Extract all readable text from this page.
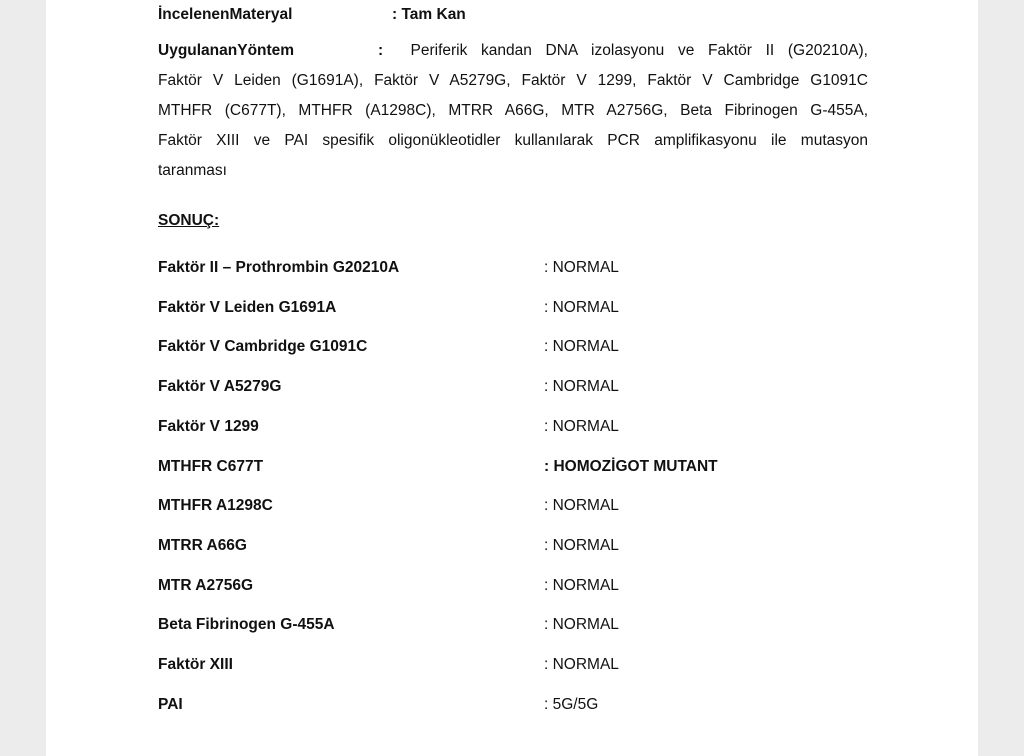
İncelenenMateryal	: Tam Kan
UygulananYöntem	: Periferik kandan DNA izolasyonu ve Faktör II (G20210A),
Faktör V Leiden (G1691A), Faktör V A5279G, Faktör V 1299, Faktör V Cambridge G1091C
MTHFR (C677T), MTHFR (A1298C), MTRR A66G, MTR A2756G, Beta Fibrinogen G-455A,
Faktör XIII ve PAI spesifik oligonükleotidler kullanılarak PCR amplifikasyonu ile mutasyon
taranması
SONUÇ:
Faktör II – Prothrombin G20210A	: NORMAL
Faktör V Leiden G1691A	: NORMAL
Faktör V Cambridge G1091C	: NORMAL
Faktör V A5279G	: NORMAL
Faktör V 1299	: NORMAL
MTHFR C677T	: HOMOZİGOT MUTANT
MTHFR A1298C	: NORMAL
MTRR A66G	: NORMAL
MTR A2756G	: NORMAL
Beta Fibrinogen G-455A	: NORMAL
Faktör XIII	: NORMAL
PAI	: 5G/5G
